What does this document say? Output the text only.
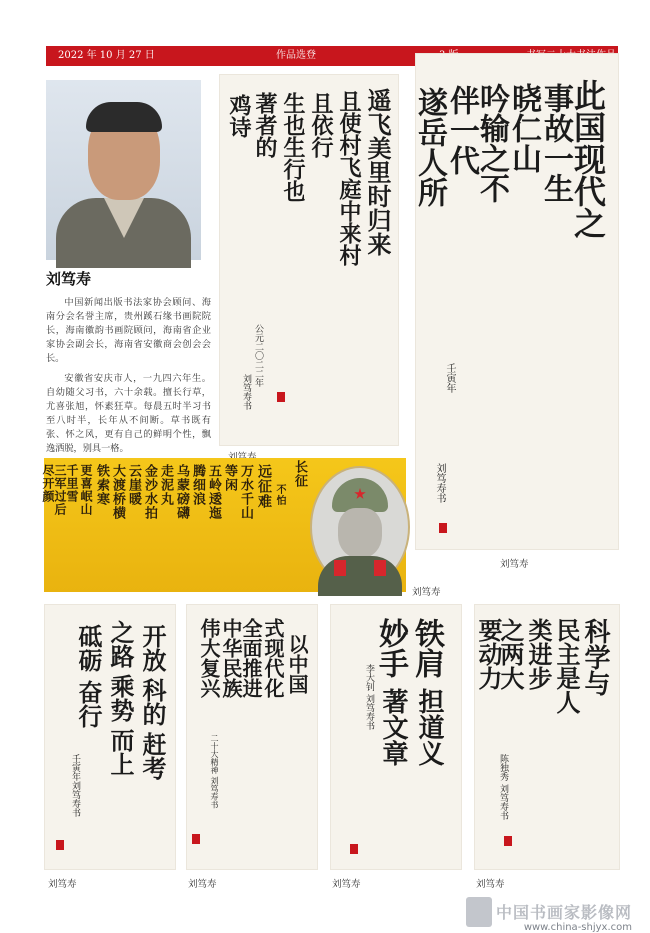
2022 年 10 月 27 日	作品选登
刘笃寿

中国新闻出版书法家协会顾问、海南分会名誉主席，贵州蹊石缘书画院院长，海南徽韵书画院顾问，海南省企业家协会副会长，海南省安徽商会创会会长。

安徽省安庆市人，一九四六年生。自幼随父习书，六十余载。擅长行草，尤喜张旭，怀素狂草。每晨五时半习书至八时半，长年从不间断。草书既有张、怀之风，更有自己的鲜明个性，飘逸洒脱，别具一格。

遥飞美里时归来
且使村飞庭中来村
且依行
生也生行也
著者的
鸡诗
公元二〇二二年
刘笃寿书
此国现代之
事故一生
晓仁山
吟输之不
伴一代
遂岳人所
壬寅年
刘笃寿书
刘笃寿
长征
不怕
远征难
万水千山
等闲
五岭逶迤
腾细浪
乌蒙磅礴
走泥丸
金沙水拍
云崖暖
大渡桥横
铁索寒
更喜岷山
千里雪
三军过后
尽开颜
刘笃寿
开放
科的
赶考
之路
乘势
而上
砥砺
奋行
壬寅年刘笃寿书
刘笃寿
以中国
式现代化
全面推进
中华民族
伟大复兴
二十大精神 刘笃寿书
刘笃寿
铁肩
担道义
妙手
著文章
李大钊 刘笃寿书
刘笃寿
科学与
民主是人
类进步
之两大
要动力
陈独秀 刘笃寿书
刘笃寿
中国书画家影像网
www.china-shjyx.com
